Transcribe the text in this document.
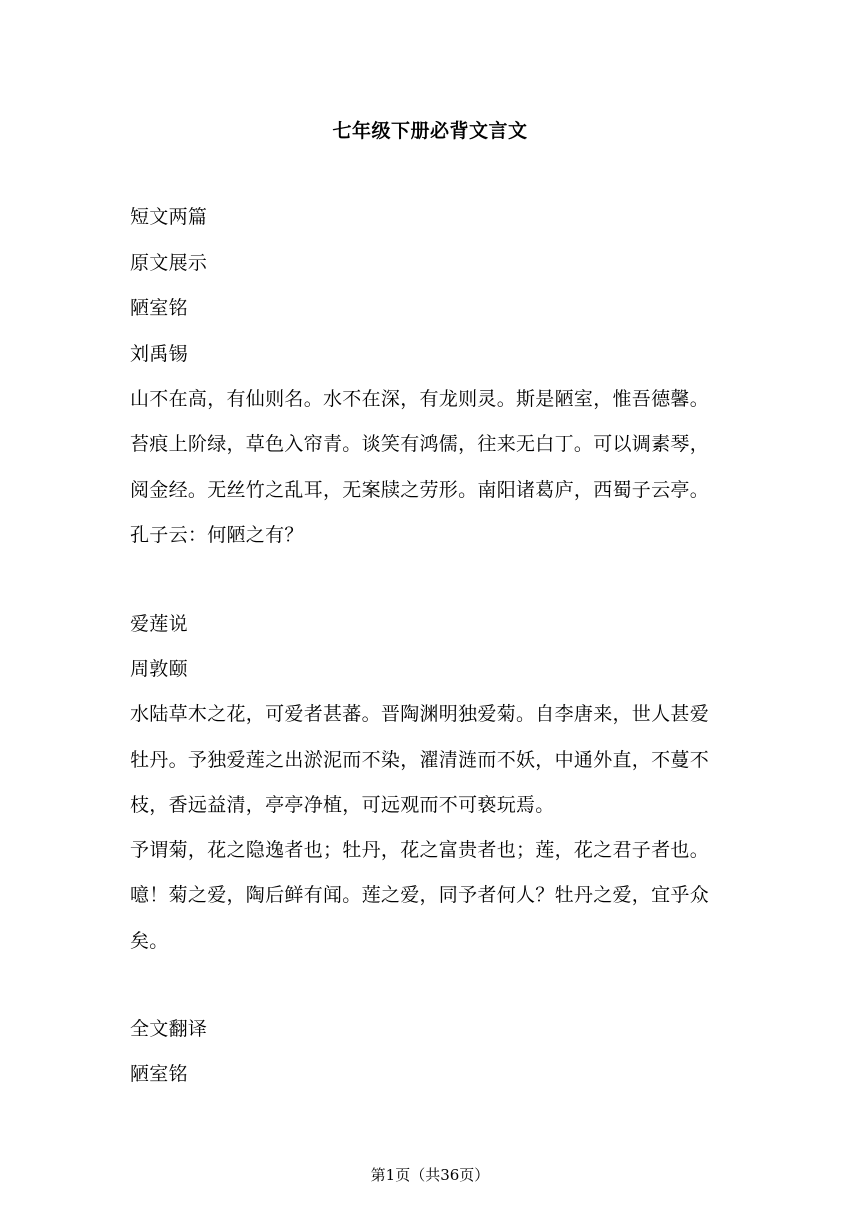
七年级下册必背文言文
短文两篇
原文展示
陋室铭
刘禹锡
山不在高，有仙则名。水不在深，有龙则灵。斯是陋室，惟吾德馨。
苔痕上阶绿，草色入帘青。谈笑有鸿儒，往来无白丁。可以调素琴，
阅金经。无丝竹之乱耳，无案牍之劳形。南阳诸葛庐，西蜀子云亭。
孔子云：何陋之有？
爱莲说
周敦颐
水陆草木之花，可爱者甚蕃。晋陶渊明独爱菊。自李唐来，世人甚爱
牡丹。予独爱莲之出淤泥而不染，濯清涟而不妖，中通外直，不蔓不
枝，香远益清，亭亭净植，可远观而不可亵玩焉。
予谓菊，花之隐逸者也；牡丹，花之富贵者也；莲，花之君子者也。
噫！菊之爱，陶后鲜有闻。莲之爱，同予者何人？牡丹之爱，宜乎众
矣。
全文翻译
陋室铭
第1页（共36页）
